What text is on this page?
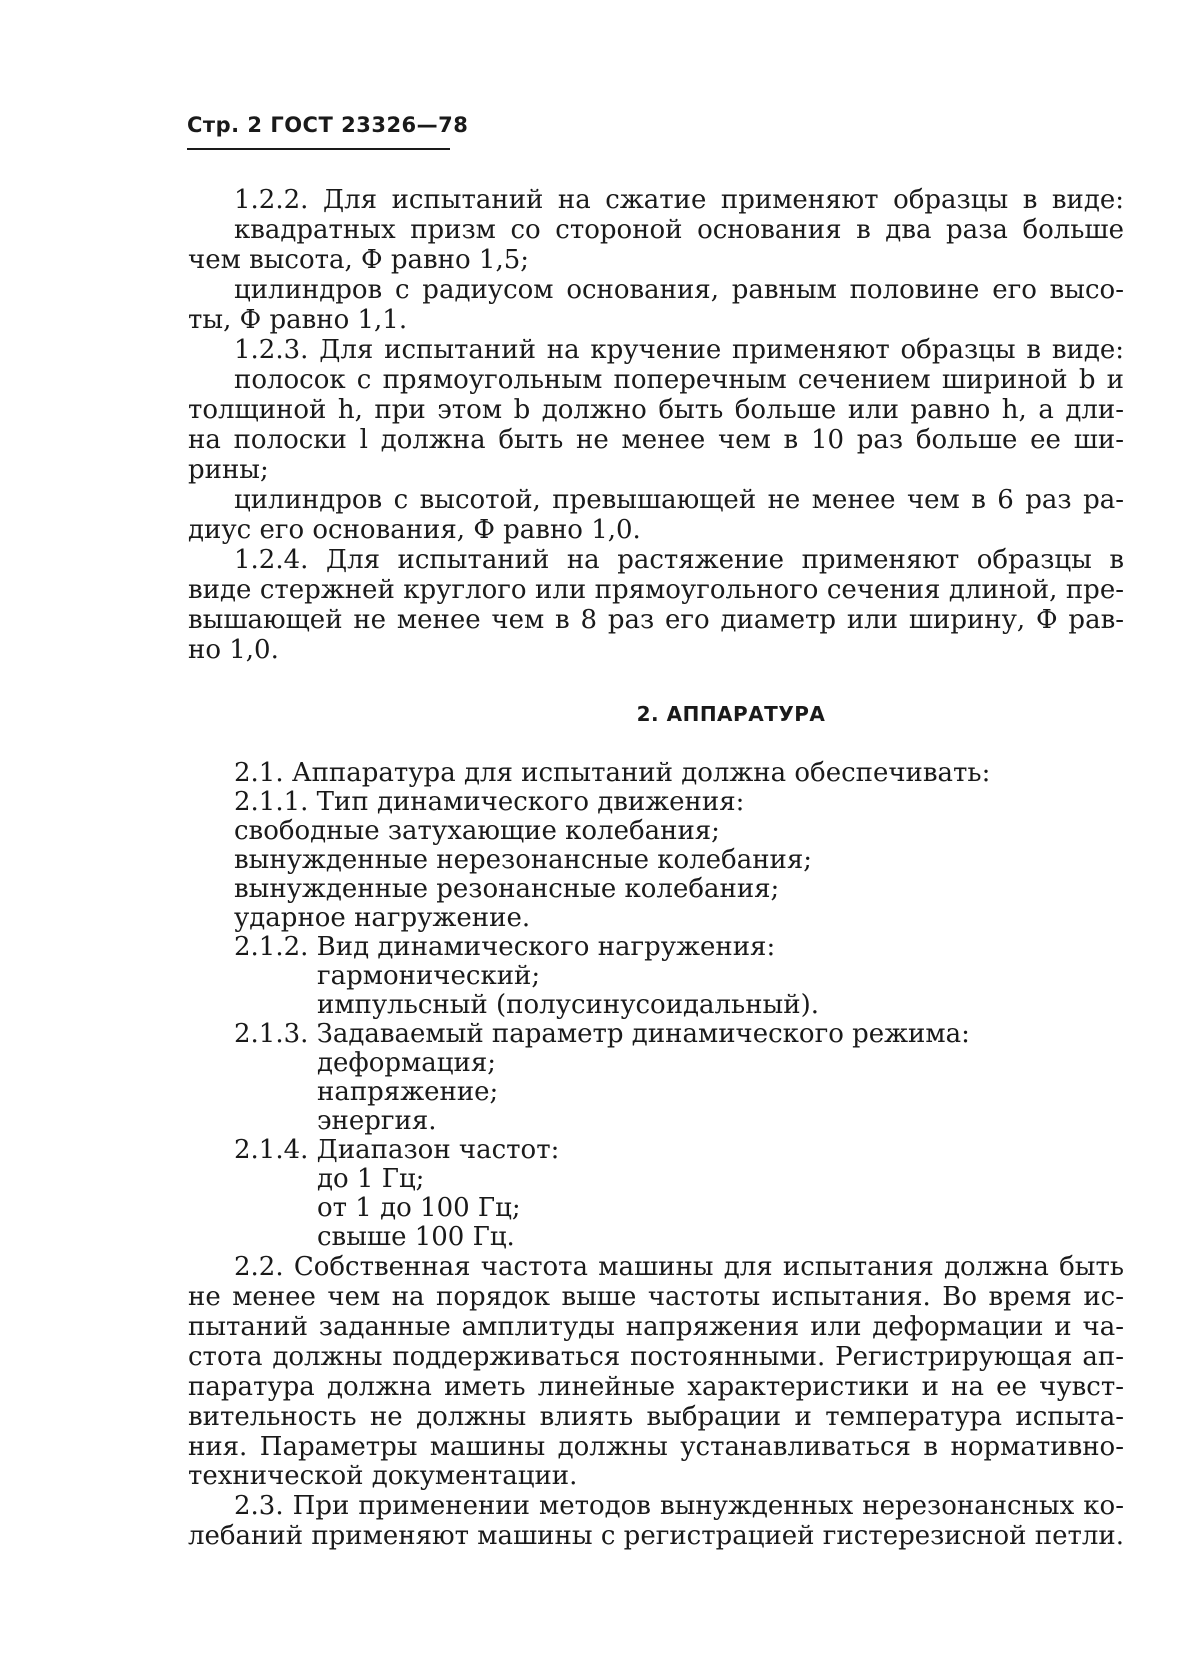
Стр. 2 ГОСТ 23326—78
1.2.2. Для испытаний на сжатие применяют образцы в виде:
квадратных призм со стороной основания в два раза больше
чем высота, Ф равно 1,5;
цилиндров с радиусом основания, равным половине его высо-
ты, Ф равно 1,1.
1.2.3. Для испытаний на кручение применяют образцы в виде:
полосок с прямоугольным поперечным сечением шириной b и
толщиной h, при этом b должно быть больше или равно h, а дли-
на полоски l должна быть не менее чем в 10 раз больше ее ши-
рины;
цилиндров с высотой, превышающей не менее чем в 6 раз ра-
диус его основания, Ф равно 1,0.
1.2.4. Для испытаний на растяжение применяют образцы в
виде стержней круглого или прямоугольного сечения длиной, пре-
вышающей не менее чем в 8 раз его диаметр или ширину, Ф рав-
но 1,0.
2. АППАРАТУРА
2.1. Аппаратура для испытаний должна обеспечивать:
2.1.1. Тип динамического движения:
свободные затухающие колебания;
вынужденные нерезонансные колебания;
вынужденные резонансные колебания;
ударное нагружение.
2.1.2. Вид динамического нагружения:
гармонический;
импульсный (полусинусоидальный).
2.1.3. Задаваемый параметр динамического режима:
деформация;
напряжение;
энергия.
2.1.4. Диапазон частот:
до 1 Гц;
от 1 до 100 Гц;
свыше 100 Гц.
2.2. Собственная частота машины для испытания должна быть
не менее чем на порядок выше частоты испытания. Во время ис-
пытаний заданные амплитуды напряжения или деформации и ча-
стота должны поддерживаться постоянными. Регистрирующая ап-
паратура должна иметь линейные характеристики и на ее чувст-
вительность не должны влиять выбрации и температура испыта-
ния. Параметры машины должны устанавливаться в нормативно-
технической документации.
2.3. При применении методов вынужденных нерезонансных ко-
лебаний применяют машины с регистрацией гистерезисной петли.
